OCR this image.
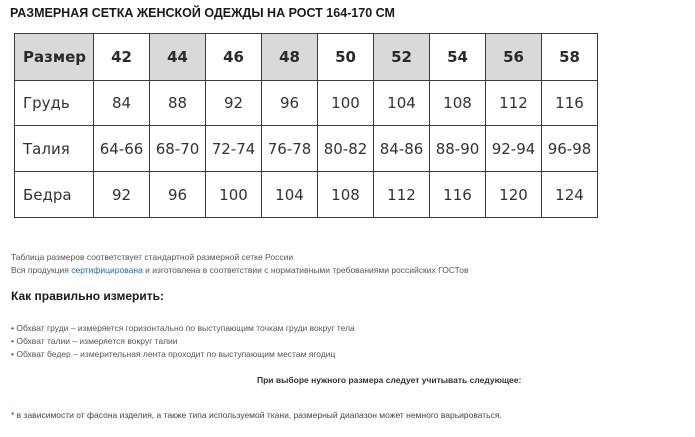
РАЗМЕРНАЯ СЕТКА ЖЕНСКОЙ ОДЕЖДЫ НА РОСТ 164-170 СМ
Размер	42	44	46	48	50	52	54	56	58
Грудь	84	88	92	96	100	104	108	112	116
Талия	64-66	68-70	72-74	76-78	80-82	84-86	88-90	92-94	96-98
Бедра	92	96	100	104	108	112	116	120	124
Таблица размеров соответствует стандартной размерной сетке России
Вся продукция сертифицирована и изготовлена в соответствии с нормативными требованиями российских ГОСТов
Как правильно измерить:
• Обхват груди – измеряется горизонтально по выступающим точкам груди вокруг тела
• Обхват талии – измеряется вокруг талии
• Обхват бедер – измерительная лента проходит по выступающим местам ягодиц
При выборе нужного размера следует учитывать следующее:
* в зависимости от фасона изделия, а также типа используемой ткани, размерный диапазон может немного варьироваться.
